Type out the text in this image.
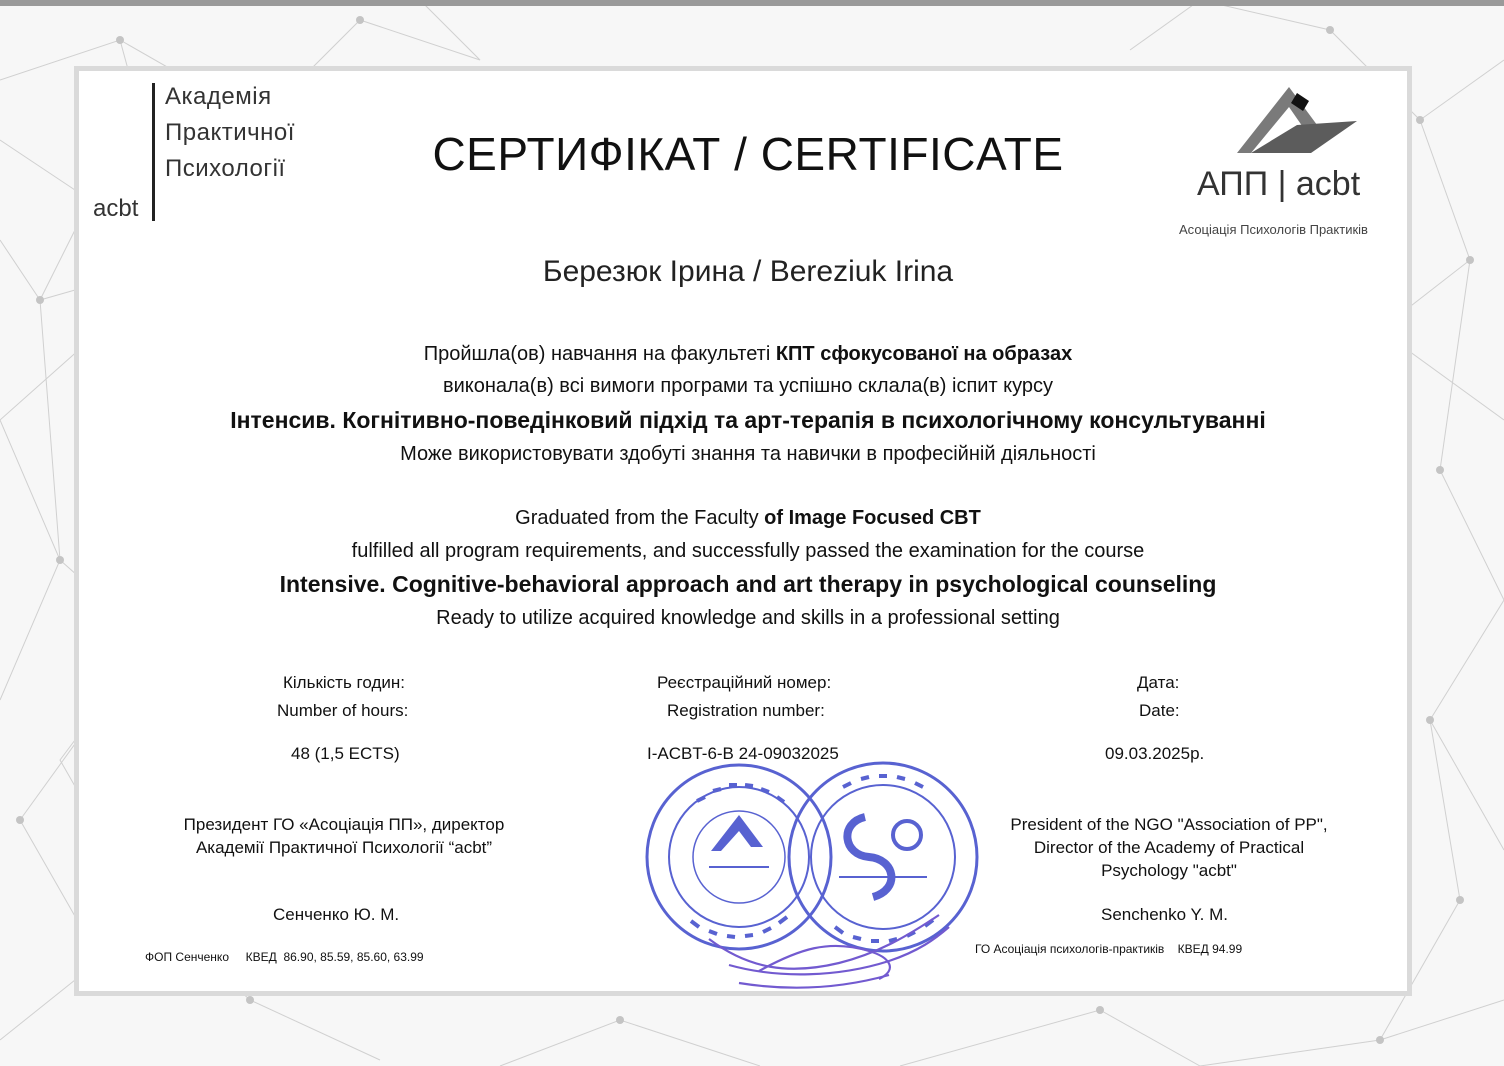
Академія
Практичної
Психології
acbt
СЕРТИФІКАТ / CERTIFICATE
АПП | acbt
Асоціація Психологів Практиків
Березюк Ірина / Bereziuk Irina
Пройшла(ов) навчання на факультеті КПТ сфокусованої на образах
виконала(в) всі вимоги програми та успішно склала(в) іспит курсу
Інтенсив. Когнітивно-поведінковий підхід та арт-терапія в психологічному консультуванні
Може використовувати здобуті знання та навички в професійній діяльності
Graduated from the Faculty of Image Focused CBT
fulfilled all program requirements, and successfully passed the examination for the course
Intensive. Cognitive-behavioral approach and art therapy in psychological counseling
Ready to utilize acquired knowledge and skills in a professional setting
Кількість годин:
Number of hours:
48 (1,5 ECTS)
Реєстраційний номер:
Registration number:
I-ACBT-6-B 24-09032025
Дата:
Date:
09.03.2025р.
Президент ГО «Асоціація ПП», директор
Академії Практичної Психології “acbt”
Сенченко Ю. М.
ФОП Сенченко     КВЕД  86.90, 85.59, 85.60, 63.99
President of the NGO "Association of PP",
Director of the Academy of Practical
Psychology "acbt"
Senchenko Y. M.
ГО Асоціація психологів-практиків    КВЕД 94.99
